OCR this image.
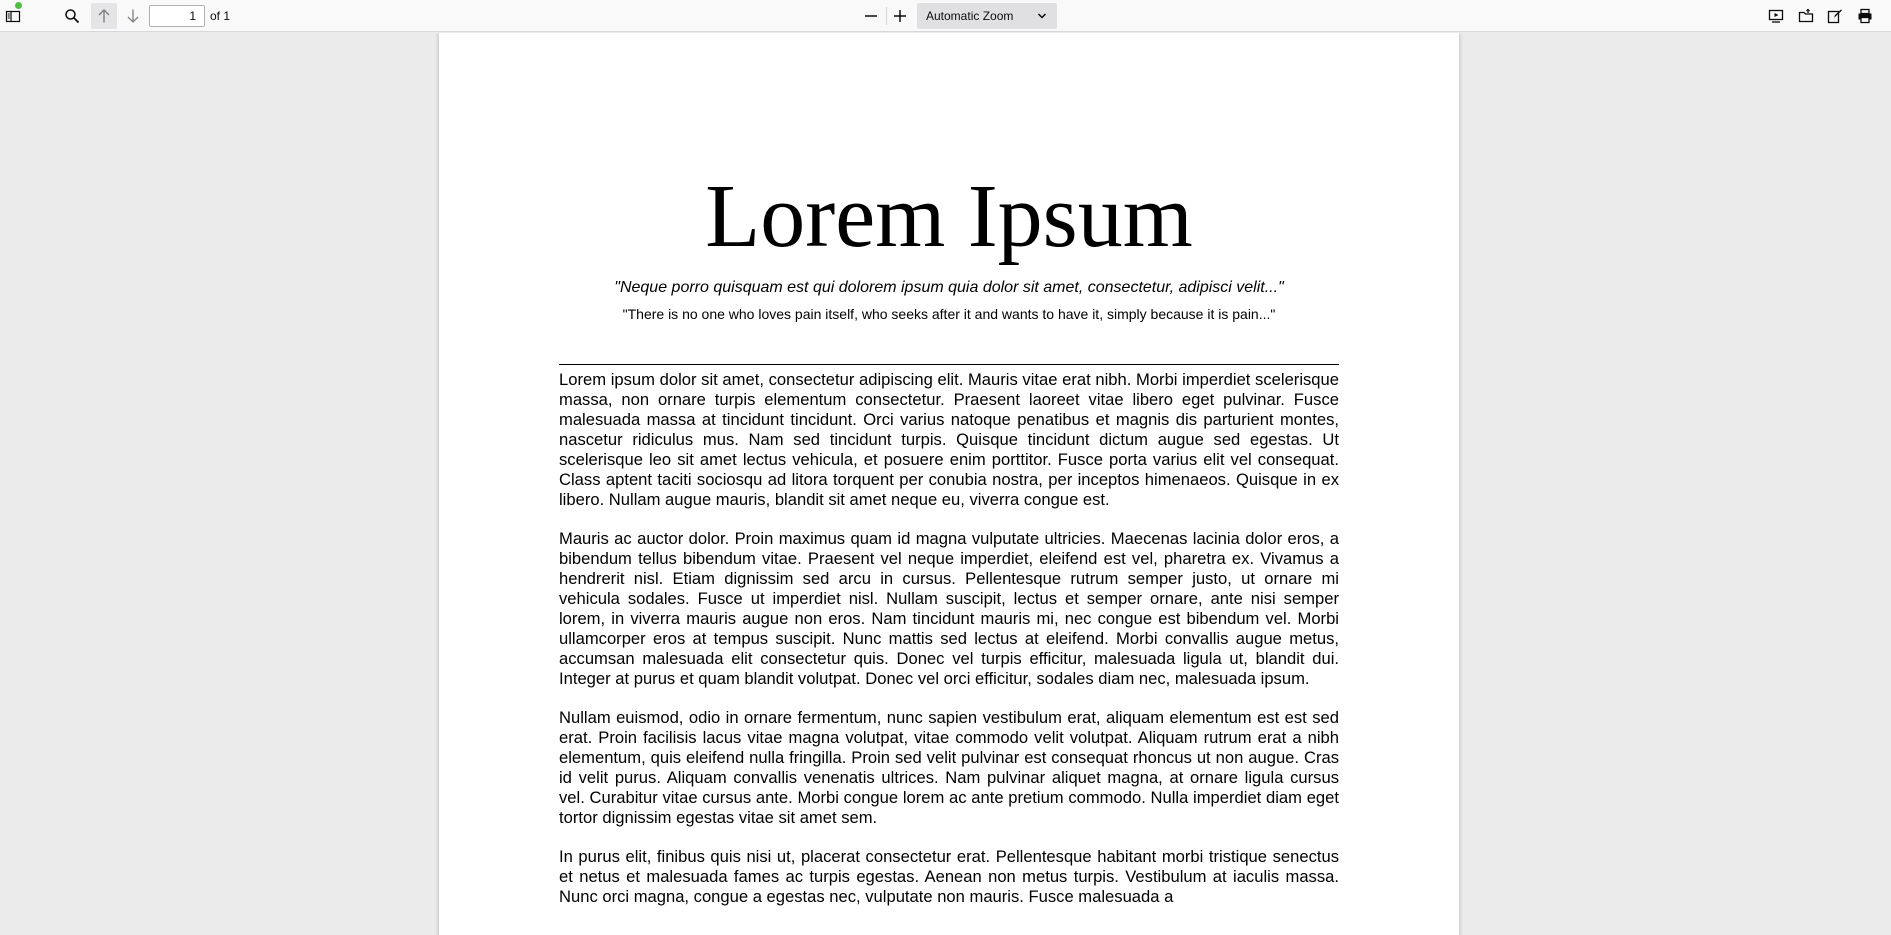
1
of 1	Automatic Zoom
Lorem Ipsum
"Neque porro quisquam est qui dolorem ipsum quia dolor sit amet, consectetur, adipisci velit..."
"There is no one who loves pain itself, who seeks after it and wants to have it, simply because it is pain..."

Lorem ipsum dolor sit amet, consectetur adipiscing elit. Mauris vitae erat nibh. Morbi imperdiet scelerisque massa, non ornare turpis elementum consectetur. Praesent laoreet vitae libero eget pulvinar. Fusce malesuada massa at tincidunt tincidunt. Orci varius natoque penatibus et magnis dis parturient montes, nascetur ridiculus mus. Nam sed tincidunt turpis. Quisque tincidunt dictum augue sed egestas. Ut scelerisque leo sit amet lectus vehicula, et posuere enim porttitor. Fusce porta varius elit vel consequat. Class aptent taciti sociosqu ad litora torquent per conubia nostra, per inceptos himenaeos. Quisque in ex libero. Nullam augue mauris, blandit sit amet neque eu, viverra congue est.

Mauris ac auctor dolor. Proin maximus quam id magna vulputate ultricies. Maecenas lacinia dolor eros, a bibendum tellus bibendum vitae. Praesent vel neque imperdiet, eleifend est vel, pharetra ex. Vivamus a hendrerit nisl. Etiam dignissim sed arcu in cursus. Pellentesque rutrum semper justo, ut ornare mi vehicula sodales. Fusce ut imperdiet nisl. Nullam suscipit, lectus et semper ornare, ante nisi semper lorem, in viverra mauris augue non eros. Nam tincidunt mauris mi, nec congue est bibendum vel. Morbi ullamcorper eros at tempus suscipit. Nunc mattis sed lectus at eleifend. Morbi convallis augue metus, accumsan malesuada elit consectetur quis. Donec vel turpis efficitur, malesuada ligula ut, blandit dui. Integer at purus et quam blandit volutpat. Donec vel orci efficitur, sodales diam nec, malesuada ipsum.

Nullam euismod, odio in ornare fermentum, nunc sapien vestibulum erat, aliquam elementum est est sed erat. Proin facilisis lacus vitae magna volutpat, vitae commodo velit volutpat. Aliquam rutrum erat a nibh elementum, quis eleifend nulla fringilla. Proin sed velit pulvinar est consequat rhoncus ut non augue. Cras id velit purus. Aliquam convallis venenatis ultrices. Nam pulvinar aliquet magna, at ornare ligula cursus vel. Curabitur vitae cursus ante. Morbi congue lorem ac ante pretium commodo. Nulla imperdiet diam eget tortor dignissim egestas vitae sit amet sem.

In purus elit, finibus quis nisi ut, placerat consectetur erat. Pellentesque habitant morbi tristique senectus et netus et malesuada fames ac turpis egestas. Aenean non metus turpis. Vestibulum at iaculis massa. Nunc orci magna, congue a egestas nec, vulputate non mauris. Fusce malesuada a
